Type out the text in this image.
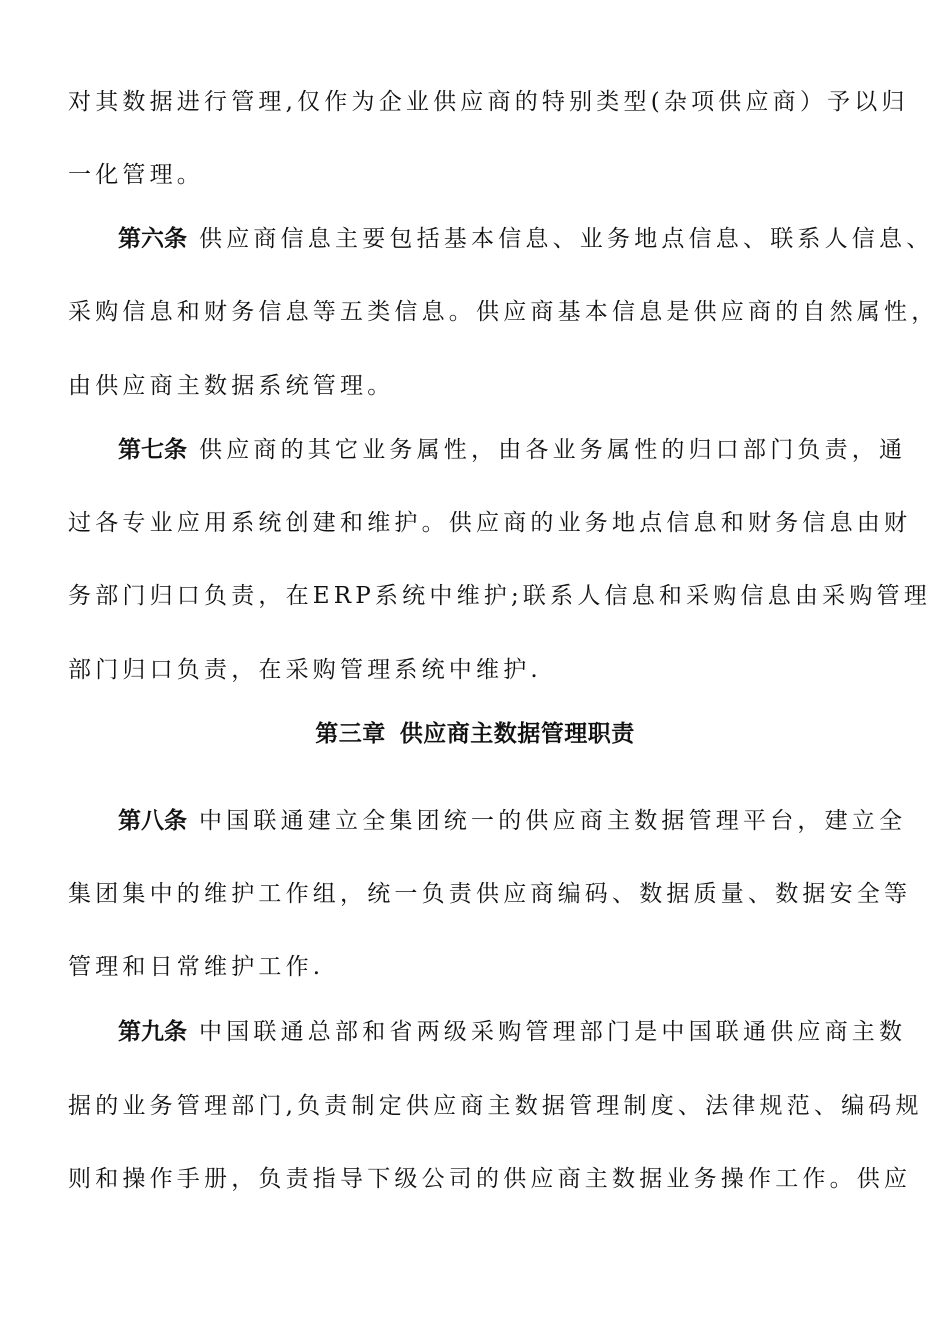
对其数据进行管理,仅作为企业供应商的特别类型(杂项供应商）予以归
一化管理。
第六条 供应商信息主要包括基本信息、业务地点信息、联系人信息、
采购信息和财务信息等五类信息。供应商基本信息是供应商的自然属性，
由供应商主数据系统管理。
第七条 供应商的其它业务属性，由各业务属性的归口部门负责，通
过各专业应用系统创建和维护。供应商的业务地点信息和财务信息由财
务部门归口负责，在ERP系统中维护;联系人信息和采购信息由采购管理
部门归口负责，在采购管理系统中维护.
第三章 供应商主数据管理职责
第八条 中国联通建立全集团统一的供应商主数据管理平台，建立全
集团集中的维护工作组，统一负责供应商编码、数据质量、数据安全等
管理和日常维护工作.
第九条 中国联通总部和省两级采购管理部门是中国联通供应商主数
据的业务管理部门,负责制定供应商主数据管理制度、法律规范、编码规
则和操作手册，负责指导下级公司的供应商主数据业务操作工作。供应
